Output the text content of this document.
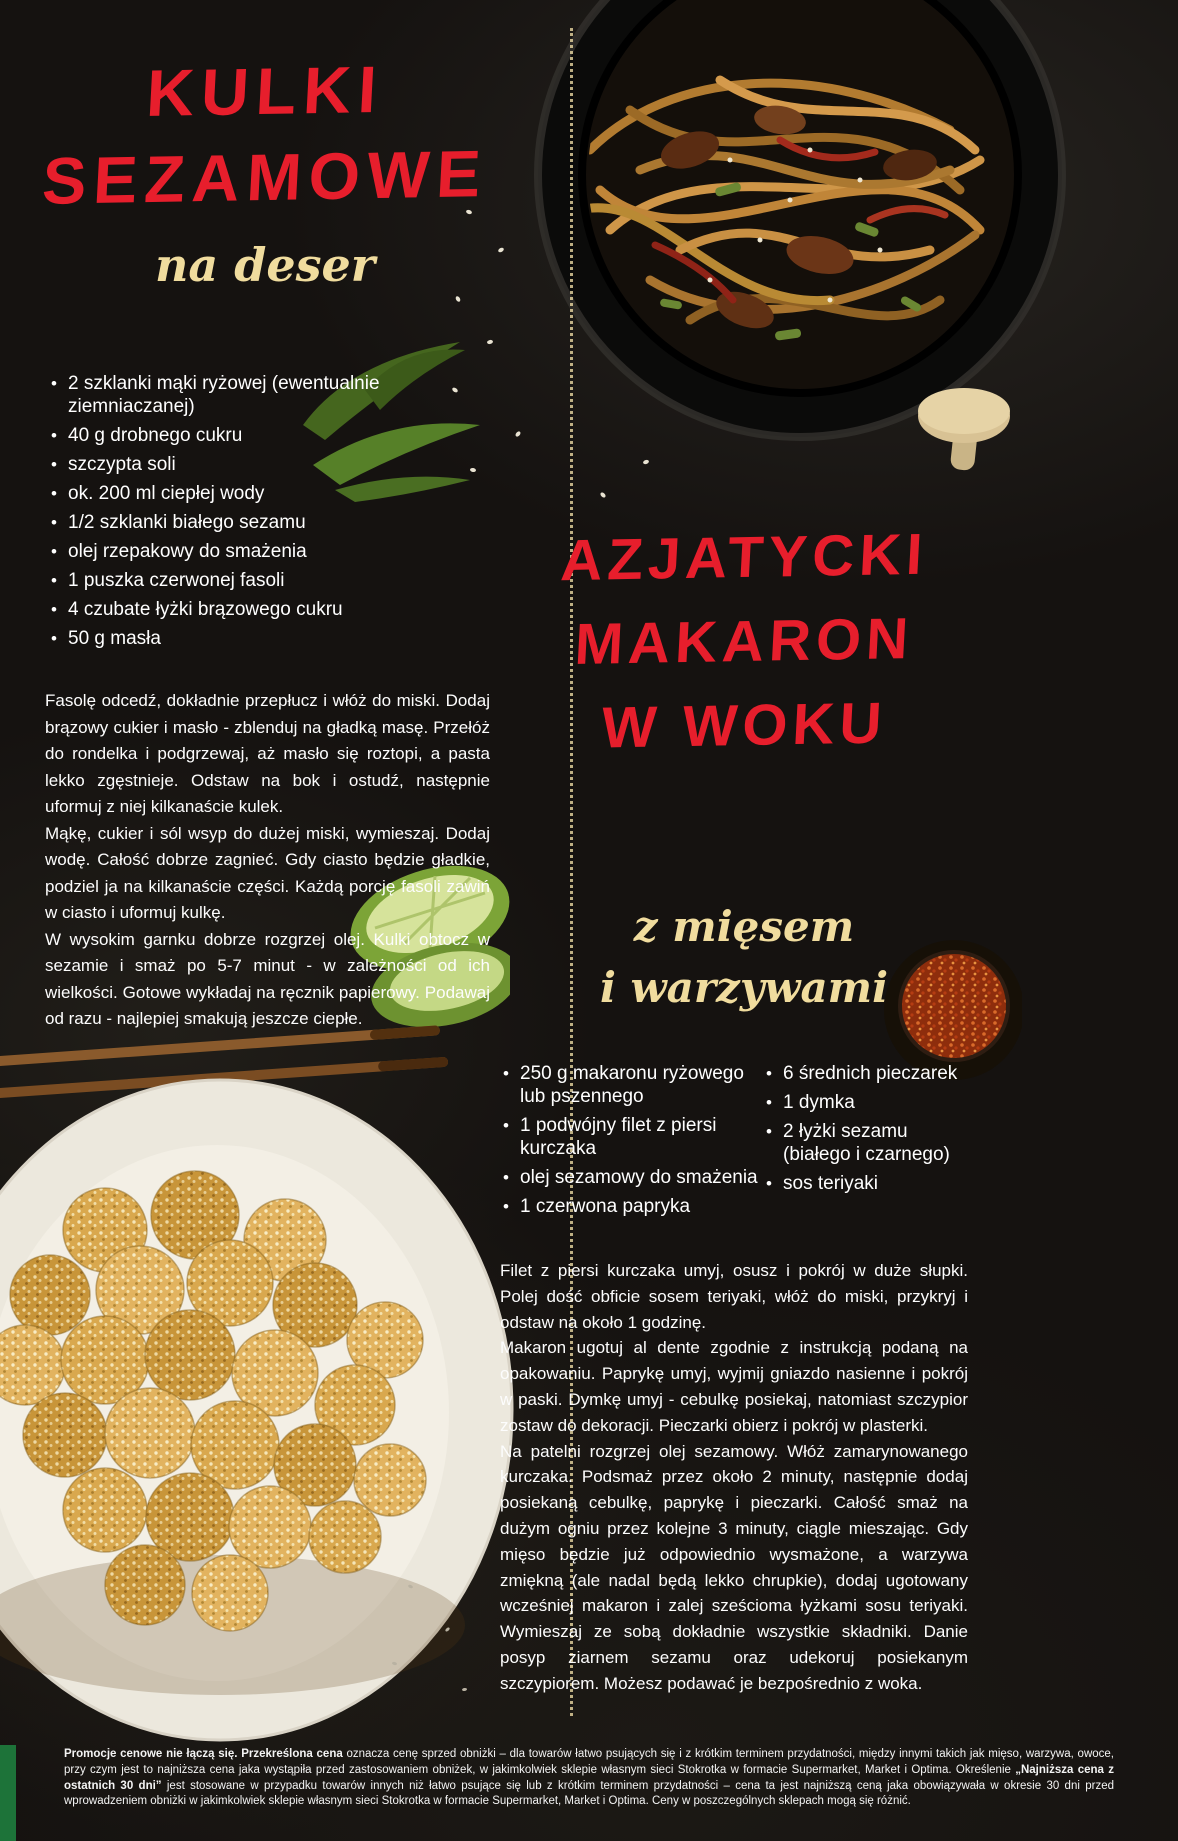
KULKI
SEZAMOWE
na deser
• 2 szklanki mąki ryżowej (ewentualnie ziemniaczanej)
• 40 g drobnego cukru
• szczypta soli
• ok. 200 ml ciepłej wody
• 1/2 szklanki białego sezamu
• olej rzepakowy do smażenia
• 1 puszka czerwonej fasoli
• 4 czubate łyżki brązowego cukru
• 50 g masła

Fasolę odcedź, dokładnie przepłucz i włóż do miski. Dodaj brązowy cukier i masło - zblenduj na gładką masę. Przełóż do rondelka i podgrzewaj, aż masło się roztopi, a pasta lekko zgęstnieje. Odstaw na bok i ostudź, następnie uformuj z niej kilkanaście kulek.

Mąkę, cukier i sól wsyp do dużej miski, wymieszaj. Dodaj wodę. Całość dobrze zagnieć. Gdy ciasto będzie gładkie, podziel ja na kilkanaście części. Każdą porcję fasoli zawiń w ciasto i uformuj kulkę.

W wysokim garnku dobrze rozgrzej olej. Kulki obtocz w sezamie i smaż po 5-7 minut - w zależności od ich wielkości. Gotowe wykładaj na ręcznik papierowy. Podawaj od razu - najlepiej smakują jeszcze ciepłe.

AZJATYCKI
MAKARON
W WOKU
z mięsem
i warzywami
• 250 g makaronu ryżowego lub pszennego
• 1 podwójny filet z piersi kurczaka
• olej sezamowy do smażenia
• 1 czerwona papryka
• 6 średnich pieczarek
• 1 dymka
• 2 łyżki sezamu (białego i czarnego)
• sos teriyaki

Filet z piersi kurczaka umyj, osusz i pokrój w duże słupki. Polej dość obficie sosem teriyaki, włóż do miski, przykryj i odstaw na około 1 godzinę.

Makaron ugotuj al dente zgodnie z instrukcją podaną na opakowaniu. Paprykę umyj, wyjmij gniazdo nasienne i pokrój w paski. Dymkę umyj - cebulkę posiekaj, natomiast szczypior zostaw do dekoracji. Pieczarki obierz i pokrój w plasterki.

Na patelni rozgrzej olej sezamowy. Włóż zamarynowanego kurczaka. Podsmaż przez około 2 minuty, następnie dodaj posiekaną cebulkę, paprykę i pieczarki. Całość smaż na dużym ogniu przez kolejne 3 minuty, ciągle mieszając. Gdy mięso będzie już odpowiednio wysmażone, a warzywa zmiękną (ale nadal będą lekko chrupkie), dodaj ugotowany wcześniej makaron i zalej sześcioma łyżkami sosu teriyaki. Wymieszaj ze sobą dokładnie wszystkie składniki. Danie posyp ziarnem sezamu oraz udekoruj posiekanym szczypiorem. Możesz podawać je bezpośrednio z woka.

Promocje cenowe nie łączą się. Przekreślona cena oznacza cenę sprzed obniżki – dla towarów łatwo psujących się i z krótkim terminem przydatności, między innymi takich jak mięso, warzywa, owoce, przy czym jest to najniższa cena jaka wystąpiła przed zastosowaniem obniżek, w jakimkolwiek sklepie własnym sieci Stokrotka w formacie Supermarket, Market i Optima. Określenie „Najniższa cena z ostatnich 30 dni” jest stosowane w przypadku towarów innych niż łatwo psujące się lub z krótkim terminem przydatności – cena ta jest najniższą ceną jaka obowiązywała w okresie 30 dni przed wprowadzeniem obniżki w jakimkolwiek sklepie własnym sieci Stokrotka w formacie Supermarket, Market i Optima. Ceny w poszczególnych sklepach mogą się różnić.
